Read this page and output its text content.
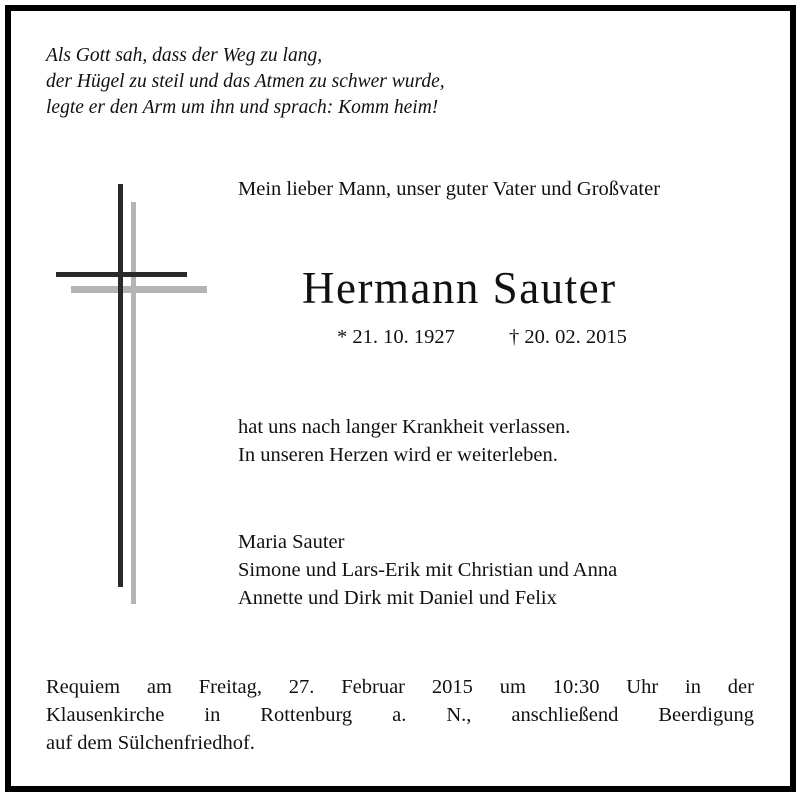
Als Gott sah, dass der Weg zu lang,
der Hügel zu steil und das Atmen zu schwer wurde,
legte er den Arm um ihn und sprach: Komm heim!
Mein lieber Mann, unser guter Vater und Großvater
Hermann Sauter
* 21. 10. 1927	† 20. 02. 2015
hat uns nach langer Krankheit verlassen.
In unseren Herzen wird er weiterleben.
Maria Sauter
Simone und Lars-Erik mit Christian und Anna
Annette und Dirk mit Daniel und Felix
Requiem am Freitag, 27. Februar 2015 um 10:30 Uhr in der
Klausenkirche in Rottenburg a. N., anschließend Beerdigung
auf dem Sülchenfriedhof.
